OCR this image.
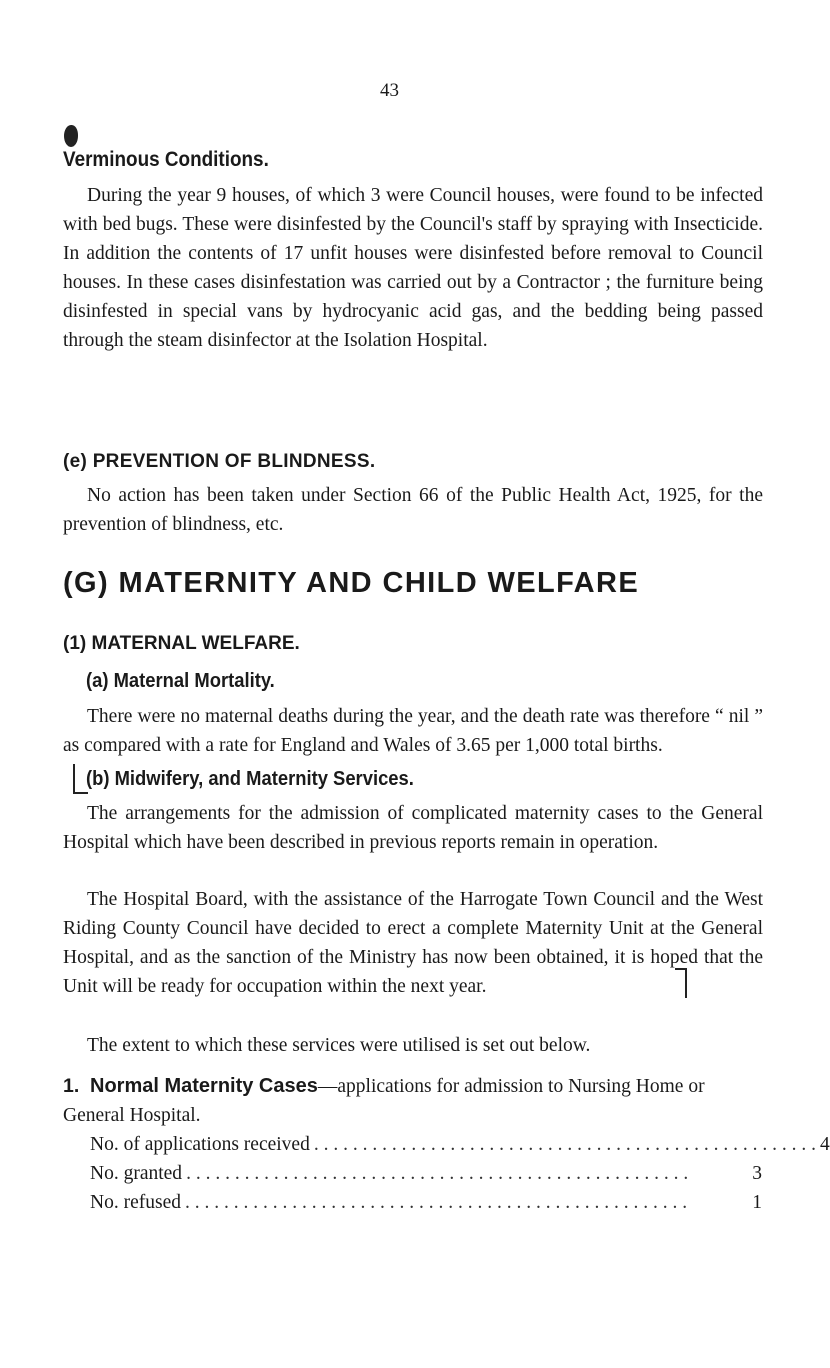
43
Verminous Conditions.

During the year 9 houses, of which 3 were Council houses, were found to be infected with bed bugs. These were disinfested by the Council's staff by spraying with Insecticide. In addition the contents of 17 unfit houses were disinfested before removal to Council houses. In these cases disinfestation was carried out by a Contractor ; the furniture being disinfested in special vans by hydrocyanic acid gas, and the bedding being passed through the steam disinfector at the Isolation Hospital.

(e) PREVENTION OF BLINDNESS.

No action has been taken under Section 66 of the Public Health Act, 1925, for the prevention of blindness, etc.

(G) MATERNITY AND CHILD WELFARE
(1) MATERNAL WELFARE.
(a) Maternal Mortality.

There were no maternal deaths during the year, and the death rate was therefore “ nil ” as compared with a rate for England and Wales of 3.65 per 1,000 total births.

(b) Midwifery, and Maternity Services.

The arrangements for the admission of complicated maternity cases to the General Hospital which have been described in previous reports remain in operation.

The Hospital Board, with the assistance of the Harrogate Town Council and the West Riding County Council have decided to erect a complete Maternity Unit at the General Hospital, and as the sanction of the Ministry has now been obtained, it is hoped that the Unit will be ready for occupation within the next year.

The extent to which these services were utilised is set out below.

1. Normal Maternity Cases—applications for admission to Nursing Home or General Hospital.
No. of applications received . . . . . . . . . . . . . . . . . . . . . . . . . . . . . . . . . . . . . . . . . . . . . . . . . . . . 4
No. granted . . . . . . . . . . . . . . . . . . . . . . . . . . . . . . . . . . . . . . . . . . . . . . . . . . . .	3
No. refused . . . . . . . . . . . . . . . . . . . . . . . . . . . . . . . . . . . . . . . . . . . . . . . . . . . .	1
